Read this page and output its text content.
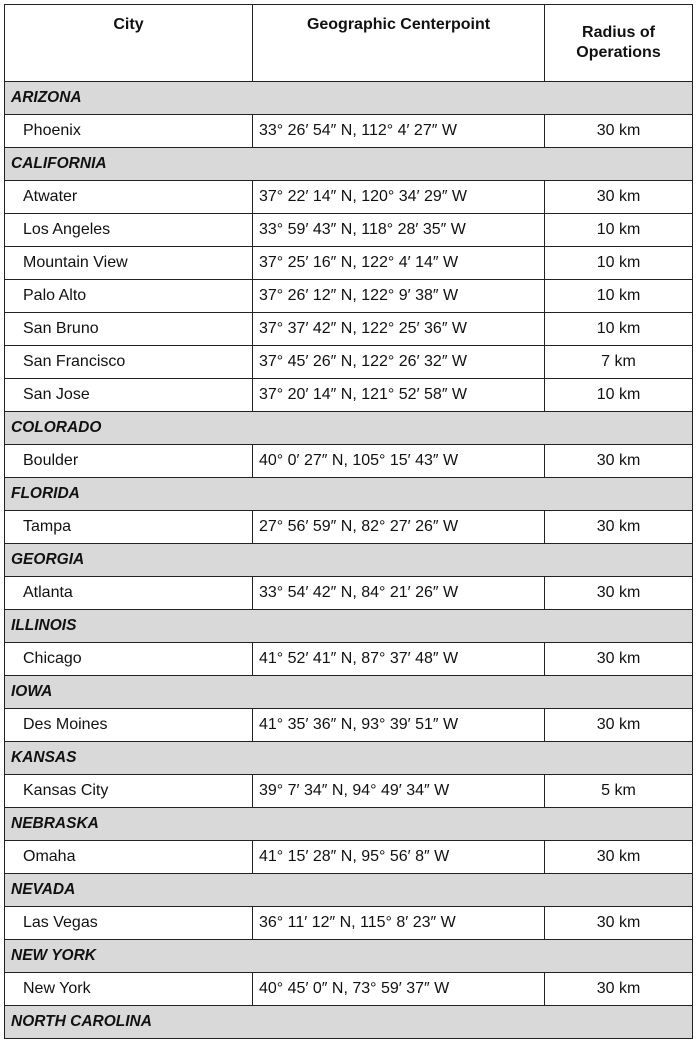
City	Geographic Centerpoint	Radius of
Operations

ARIZONA		
Phoenix	33° 26′ 54″ N, 112° 4′ 27″ W	30 km
CALIFORNIA		
Atwater	37° 22′ 14″ N, 120° 34′ 29″ W	30 km
Los Angeles	33° 59′ 43″ N, 118° 28′ 35″ W	10 km
Mountain View	37° 25′ 16″ N, 122° 4′ 14″ W	10 km
Palo Alto	37° 26′ 12″ N, 122° 9′ 38″ W	10 km
San Bruno	37° 37′ 42″ N, 122° 25′ 36″ W	10 km
San Francisco	37° 45′ 26″ N, 122° 26′ 32″ W	7 km
San Jose	37° 20′ 14″ N, 121° 52′ 58″ W	10 km
COLORADO		
Boulder	40° 0′ 27″ N, 105° 15′ 43″ W	30 km
FLORIDA		
Tampa	27° 56′ 59″ N, 82° 27′ 26″ W	30 km
GEORGIA		
Atlanta	33° 54′ 42″ N, 84° 21′ 26″ W	30 km
ILLINOIS		
Chicago	41° 52′ 41″ N, 87° 37′ 48″ W	30 km
IOWA		
Des Moines	41° 35′ 36″ N, 93° 39′ 51″ W	30 km
KANSAS		
Kansas City	39° 7′ 34″ N, 94° 49′ 34″ W	5 km
NEBRASKA		
Omaha	41° 15′ 28″ N, 95° 56′ 8″ W	30 km
NEVADA		
Las Vegas	36° 11′ 12″ N, 115° 8′ 23″ W	30 km
NEW YORK		
New York	40° 45′ 0″ N, 73° 59′ 37″ W	30 km
NORTH CAROLINA		
